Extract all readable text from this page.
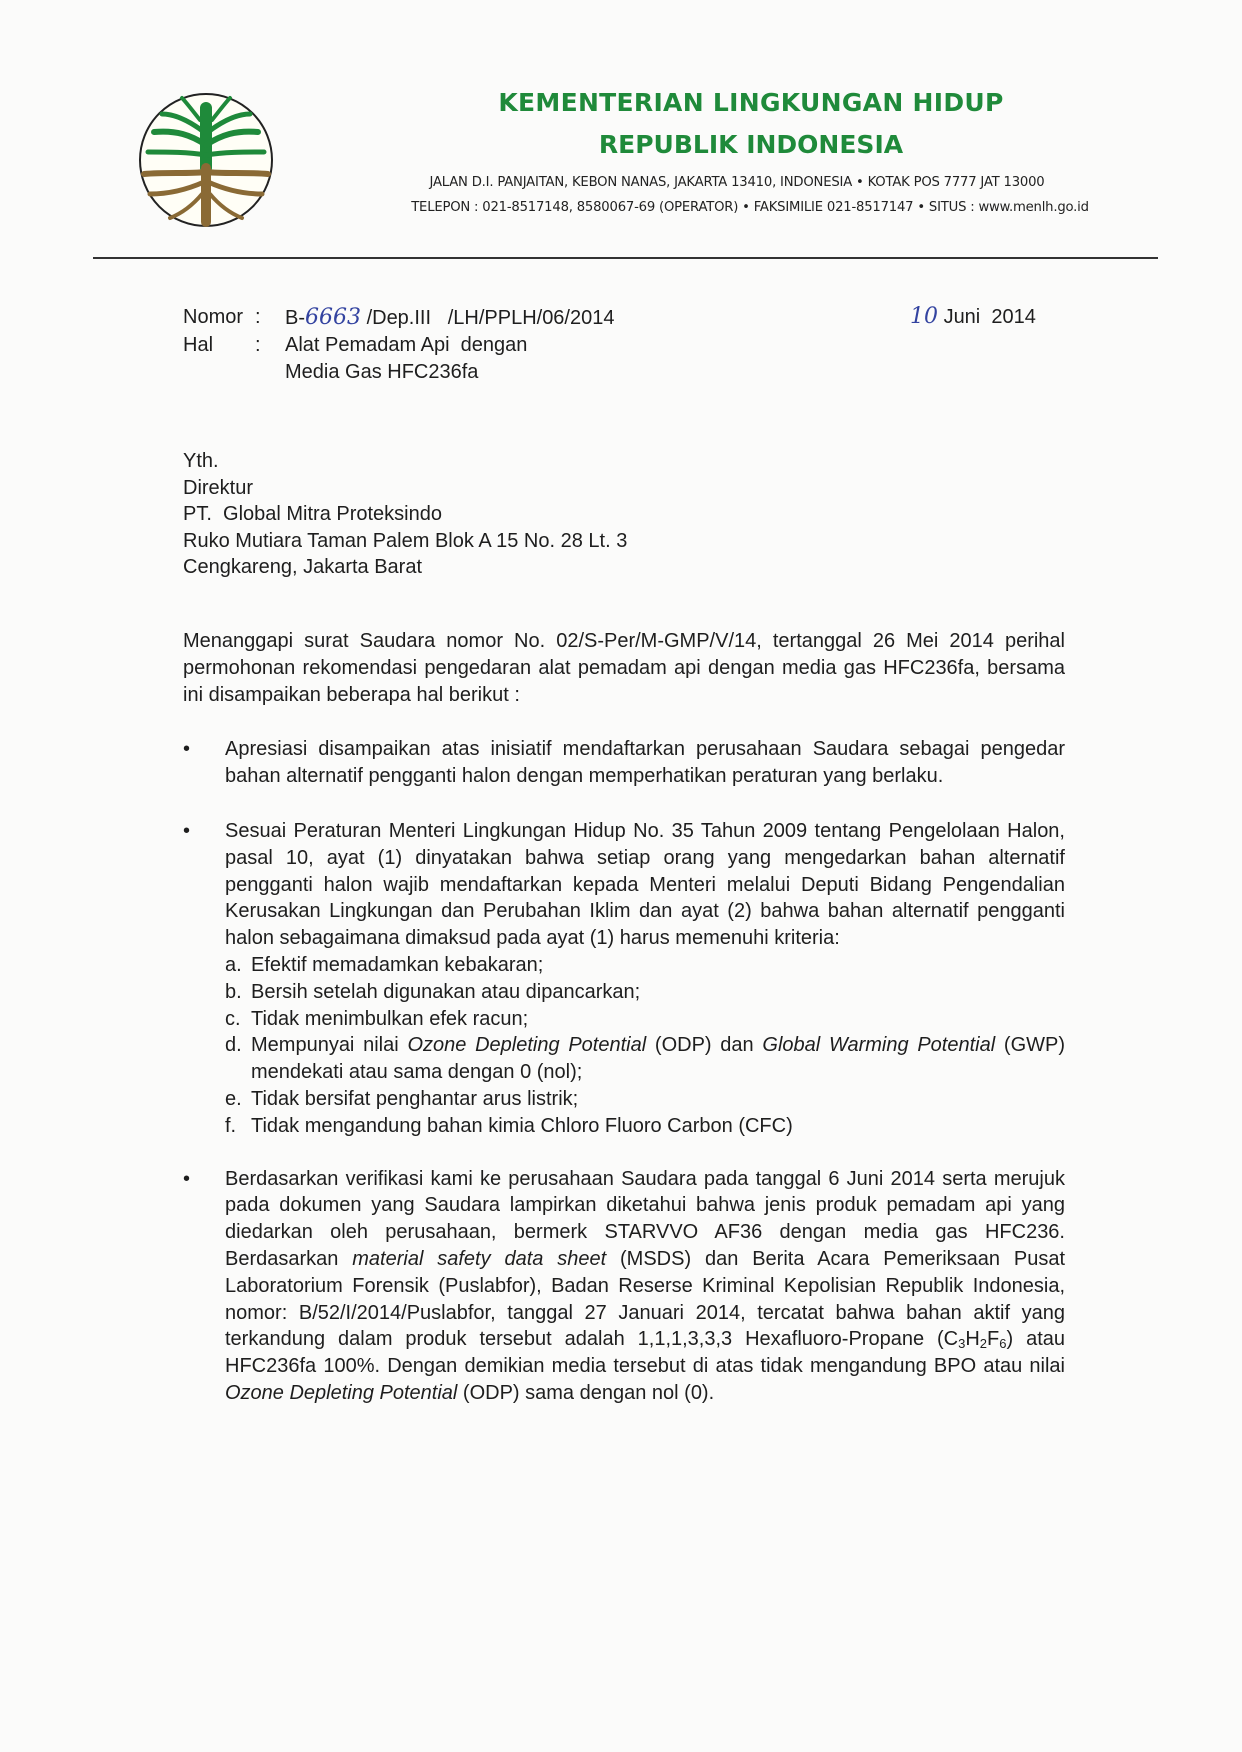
KEMENTERIAN LINGKUNGAN HIDUP
REPUBLIK INDONESIA
JALAN D.I. PANJAITAN, KEBON NANAS, JAKARTA 13410, INDONESIA • KOTAK POS 7777 JAT 13000
TELEPON : 021-8517148, 8580067-69 (OPERATOR) • FAKSIMILIE 021-8517147 • SITUS : www.menlh.go.id
Nomor :	B-6663 /Dep.III   /LH/PPLH/06/2014
Hal	:	Alat Pemadam Api  dengan
Media Gas HFC236fa
10 Juni  2014
Yth.
Direktur
PT.  Global Mitra Proteksindo
Ruko Mutiara Taman Palem Blok A 15 No. 28 Lt. 3
Cengkareng, Jakarta Barat

Menanggapi surat Saudara nomor No. 02/S-Per/M-GMP/V/14, tertanggal 26 Mei 2014 perihal permohonan rekomendasi pengedaran alat pemadam api dengan media gas HFC236fa, bersama ini disampaikan beberapa hal berikut :

• Apresiasi disampaikan atas inisiatif mendaftarkan perusahaan Saudara sebagai pengedar bahan alternatif pengganti halon dengan memperhatikan peraturan yang berlaku.

• Sesuai Peraturan Menteri Lingkungan Hidup No. 35 Tahun 2009 tentang Pengelolaan Halon, pasal 10, ayat (1) dinyatakan bahwa setiap orang yang mengedarkan bahan alternatif pengganti halon wajib mendaftarkan kepada Menteri melalui Deputi Bidang Pengendalian Kerusakan Lingkungan dan Perubahan Iklim dan ayat (2) bahwa bahan alternatif pengganti halon sebagaimana dimaksud pada ayat (1) harus memenuhi kriteria:

a. Efektif memadamkan kebakaran;
b. Bersih setelah digunakan atau dipancarkan;
c. Tidak menimbulkan efek racun;
d. Mempunyai nilai Ozone Depleting Potential (ODP) dan Global Warming Potential (GWP) mendekati atau sama dengan 0 (nol);
e. Tidak bersifat penghantar arus listrik;
f. Tidak mengandung bahan kimia Chloro Fluoro Carbon (CFC)
• Berdasarkan verifikasi kami ke perusahaan Saudara pada tanggal 6 Juni 2014 serta merujuk pada dokumen yang Saudara lampirkan diketahui bahwa jenis produk pemadam api yang diedarkan oleh perusahaan, bermerk STARVVO AF36 dengan media gas HFC236. Berdasarkan material safety data sheet (MSDS) dan Berita Acara Pemeriksaan Pusat Laboratorium Forensik (Puslabfor), Badan Reserse Kriminal Kepolisian Republik Indonesia, nomor: B/52/I/2014/Puslabfor, tanggal 27 Januari 2014, tercatat bahwa bahan aktif yang terkandung dalam produk tersebut adalah 1,1,1,3,3,3 Hexafluoro-Propane $(C_3H_2F_6)$ atau HFC236fa 100%. Dengan demikian media tersebut di atas tidak mengandung BPO atau nilai Ozone Depleting Potential (ODP) sama dengan nol (0).
